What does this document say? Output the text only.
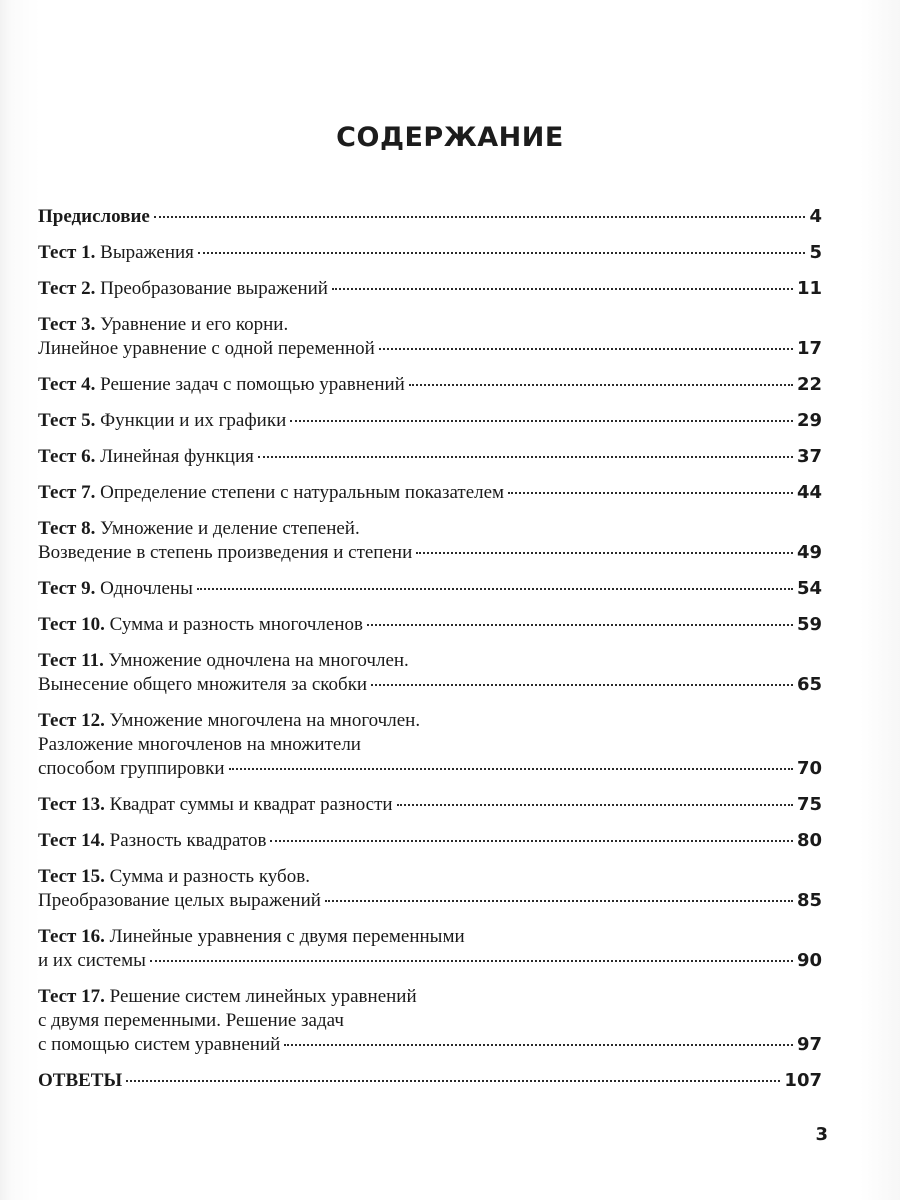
СОДЕРЖАНИЕ
Предисловие	4
Тест 1. Выражения	5
Тест 2. Преобразование выражений	11
Тест 3. Уравнение и его корни.
Линейное уравнение с одной переменной	17
Тест 4. Решение задач с помощью уравнений	22
Тест 5. Функции и их графики	29
Тест 6. Линейная функция	37
Тест 7. Определение степени с натуральным показателем	44
Тест 8. Умножение и деление степеней.
Возведение в степень произведения и степени	49
Тест 9. Одночлены	54
Тест 10. Сумма и разность многочленов	59
Тест 11. Умножение одночлена на многочлен.
Вынесение общего множителя за скобки	65
Тест 12. Умножение многочлена на многочлен.
Разложение многочленов на множители
способом группировки	70
Тест 13. Квадрат суммы и квадрат разности	75
Тест 14. Разность квадратов	80
Тест 15. Сумма и разность кубов.
Преобразование целых выражений	85
Тест 16. Линейные уравнения с двумя переменными
и их системы	90
Тест 17. Решение систем линейных уравнений
с двумя переменными. Решение задач
с помощью систем уравнений	97
ОТВЕТЫ	107
3
